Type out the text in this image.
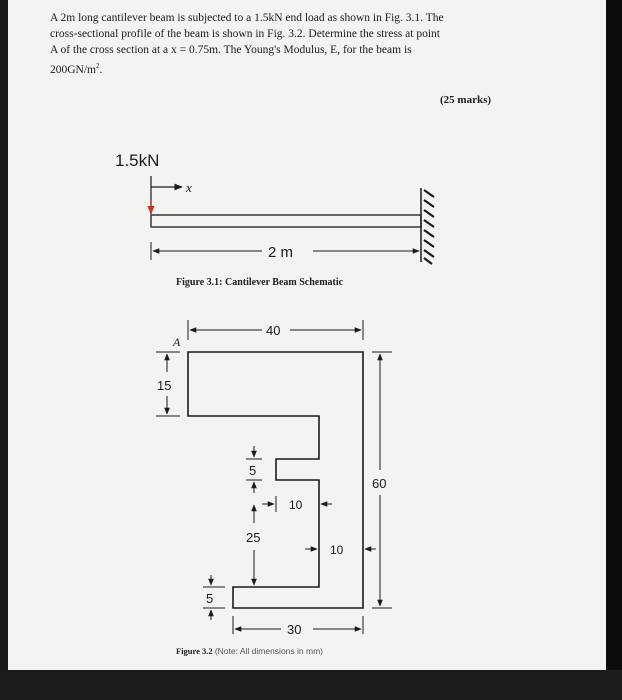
A 2m long cantilever beam is subjected to a 1.5kN end load as shown in Fig. 3.1. The
cross-sectional profile of the beam is shown in Fig. 3.2. Determine the stress at point
A of the cross section at a x = 0.75m. The Young's Modulus, E, for the beam is
$200GN/m^2$.
(25 marks)
1.5kN
x
2 m
A
40
15
60
5
10
25
10
5
30
Figure 3.1: Cantilever Beam Schematic
Figure 3.2 (Note: All dimensions in mm)
